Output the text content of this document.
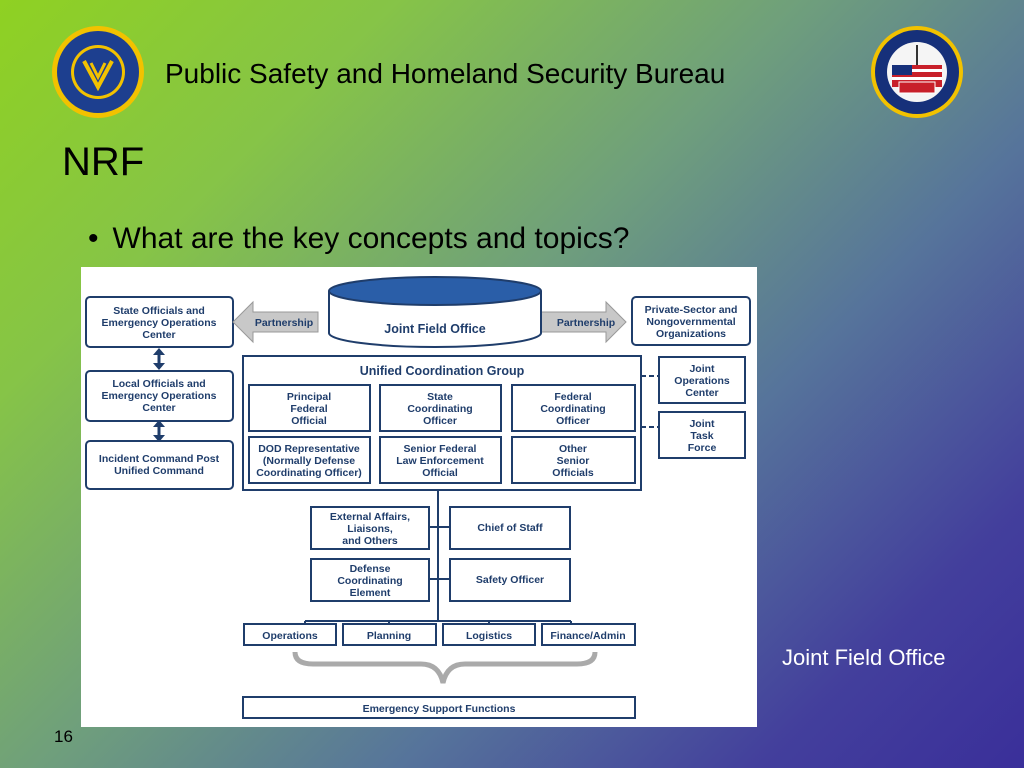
Public Safety and Homeland Security Bureau
NRF
• What are the key concepts and topics?
State Officials and Emergency Operations Center
Local Officials and Emergency Operations Center
Incident Command Post Unified Command
Partnership	Partnership
Joint Field Office
Private-Sector and Nongovernmental Organizations
Unified Coordination Group
Principal Federal Official
State Coordinating Officer
Federal Coordinating Officer
DOD Representative (Normally Defense Coordinating Officer)
Senior Federal Law Enforcement Official
Other Senior Officials
Joint Operations Center
Joint Task Force
External Affairs, Liaisons, and Others
Chief of Staff
Defense Coordinating Element
Safety Officer
Operations	Planning	Logistics	Finance/Admin
Emergency Support Functions
Joint Field Office
16
